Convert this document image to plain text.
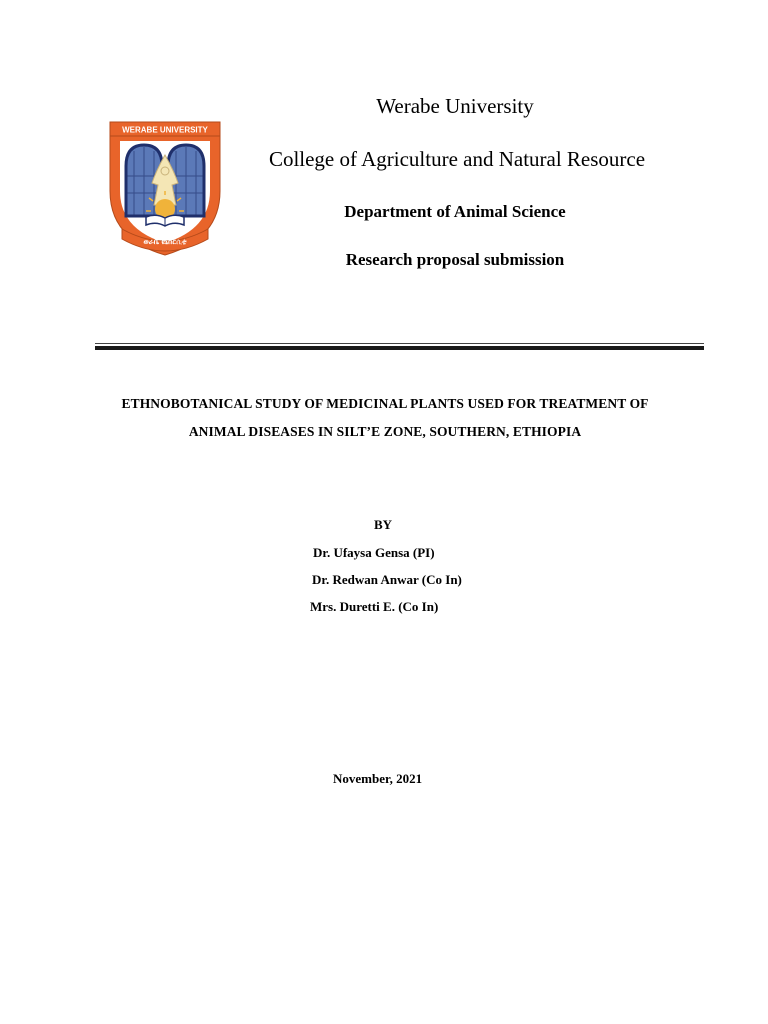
WERABE UNIVERSITY
ወራቤ ዩኒቨርሲቲ
Werabe University
College of Agriculture and Natural Resource
Department of Animal Science
Research proposal submission
ETHNOBOTANICAL STUDY OF MEDICINAL PLANTS USED FOR TREATMENT OF
ANIMAL DISEASES IN SILT’E ZONE, SOUTHERN, ETHIOPIA
BY
Dr. Ufaysa Gensa (PI)
Dr. Redwan Anwar (Co In)
Mrs. Duretti E. (Co In)
November, 2021
